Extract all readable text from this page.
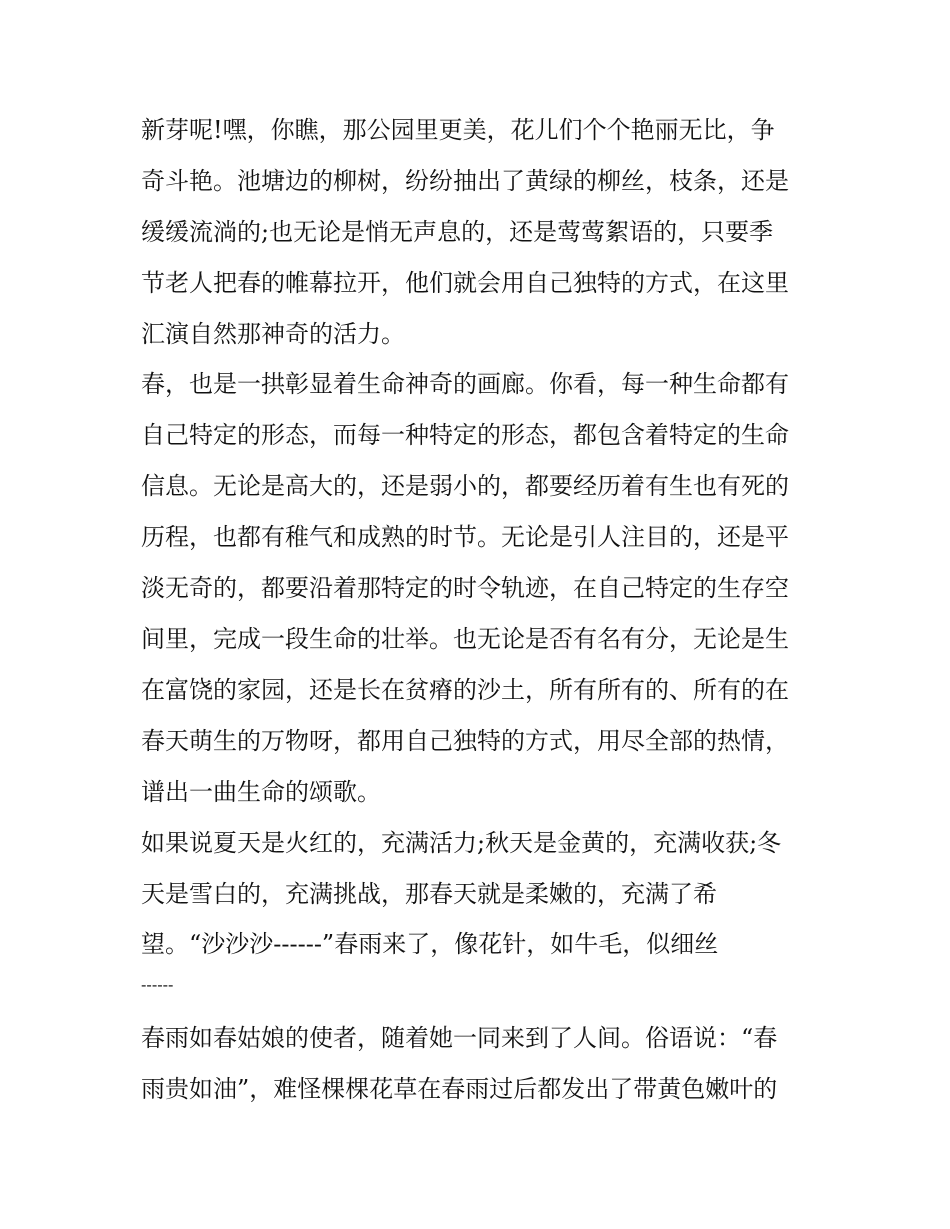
新芽呢!嘿，你瞧，那公园里更美，花儿们个个艳丽无比，争

奇斗艳。池塘边的柳树，纷纷抽出了黄绿的柳丝，枝条，还是

缓缓流淌的;也无论是悄无声息的，还是莺莺絮语的，只要季

节老人把春的帷幕拉开，他们就会用自己独特的方式，在这里

汇演自然那神奇的活力。

春，也是一拱彰显着生命神奇的画廊。你看，每一种生命都有

自己特定的形态，而每一种特定的形态，都包含着特定的生命

信息。无论是高大的，还是弱小的，都要经历着有生也有死的

历程，也都有稚气和成熟的时节。无论是引人注目的，还是平

淡无奇的，都要沿着那特定的时令轨迹，在自己特定的生存空

间里，完成一段生命的壮举。也无论是否有名有分，无论是生

在富饶的家园，还是长在贫瘠的沙土，所有所有的、所有的在

春天萌生的万物呀，都用自己独特的方式，用尽全部的热情，

谱出一曲生命的颂歌。

如果说夏天是火红的，充满活力;秋天是金黄的，充满收获;冬

天是雪白的，充满挑战，那春天就是柔嫩的，充满了希

望。“沙沙沙------”春雨来了，像花针，如牛毛，似细丝

------

春雨如春姑娘的使者，随着她一同来到了人间。俗语说：“春

雨贵如油”，难怪棵棵花草在春雨过后都发出了带黄色嫩叶的
